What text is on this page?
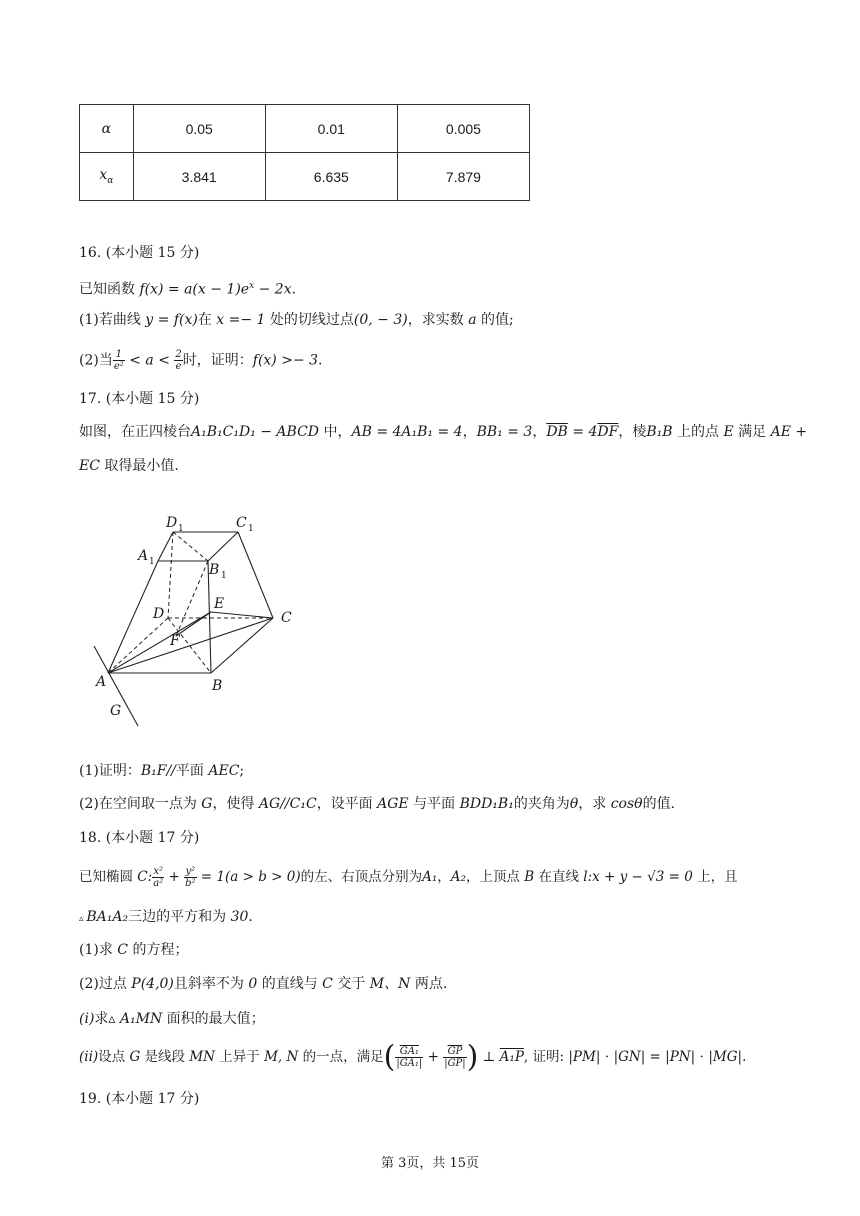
α	0.05	0.01	0.005
$x_\alpha$	3.841	6.635	7.879
16. (本小题 15 分)
已知函数 $f(x) = a(x - 1)e^x - 2x$.
(1)若曲线 y = f(x)在 x =− 1 处的切线过点(0, − 3)，求实数 a 的值;
(2)当 $\frac{1}{\text{e²}} < a < \frac{2}{e}$ 时，证明：f(x) >− 3.
17. (本小题 15 分)
如图，在正四棱台A₁B₁C₁D₁ − ABCD 中，AB = 4A₁B₁ = 4，BB₁ = 3，$\overline{DB} = 4\overline{DF}$，棱B₁B 上的点 E 满足 AE +
EC 取得最小值.
D 1	C 1
A 1	B 1
D
E
C
F
A	B
G
(1)证明：B₁F//平面 AEC;
(2)在空间取一点为 G，使得 AG//C₁C，设平面 AGE 与平面 BDD₁B₁的夹角为θ，求 cosθ的值.
18. (本小题 17 分)
已知椭圆 C: $\frac{\text{x²}}{\text{a²}} + \frac{\text{y²}}{\text{b²}} = 1(a > b > 0)$的左、右顶点分别为A₁，A₂，上顶点 B 在直线 l:x + y − √3 = 0 上，且
▵ BA₁A₂三边的平方和为 30.
(1)求 C 的方程；
(2)过点 P(4,0)且斜率不为 0 的直线与 C 交于 M、N 两点.
(i)求▵ A₁MN 面积的最大值；
(ii)设点 G 是线段 MN 上异于 M, N 的一点，满足( $\frac{\text{GA₁}}{\text{|GA₁|}} + \frac{\overline{GP}}{|GP|}$ ) ⊥ A₁P, 证明: |PM| ⋅ |GN| = |PN| ⋅ |MG|.
19. (本小题 17 分)
第 3页，共 15页
